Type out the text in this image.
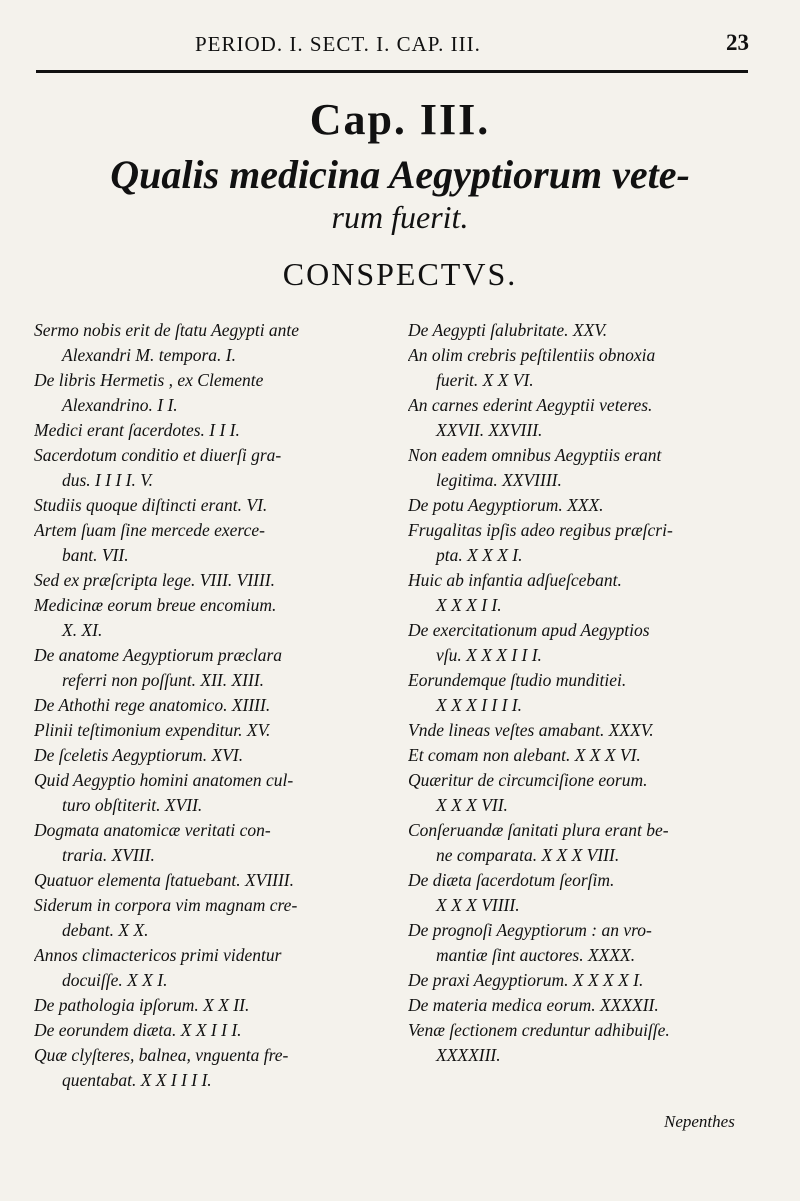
PERIOD. I. SECT. I. CAP. III.	23
Cap. III.
Qualis medicina Aegyptiorum vete-
rum fuerit.
CONSPECTVS.
Sermo nobis erit de ſtatu Aegypti ante
Alexandri M. tempora. I.
De libris Hermetis , ex Clemente
Alexandrino. I I.
Medici erant ſacerdotes. I I I.
Sacerdotum conditio et diuerſi gra-
dus. I I I I. V.
Studiis quoque diſtincti erant. VI.
Artem ſuam ſine mercede exerce-
bant. VII.
Sed ex præſcripta lege. VIII. VIIII.
Medicinæ eorum breue encomium.
X. XI.
De anatome Aegyptiorum præclara
referri non poſſunt. XII. XIII.
De Athothi rege anatomico. XIIII.
Plinii teſtimonium expenditur. XV.
De ſceletis Aegyptiorum. XVI.
Quid Aegyptio homini anatomen cul-
turo obſtiterit. XVII.
Dogmata anatomicæ veritati con-
traria. XVIII.
Quatuor elementa ſtatuebant. XVIIII.
Siderum in corpora vim magnam cre-
debant. X X.
Annos climactericos primi videntur
docuiſſe. X X I.
De pathologia ipſorum. X X II.
De eorundem diæta. X X I I I.
Quæ clyſteres, balnea, vnguenta fre-
quentabat. X X I I I I.
De Aegypti ſalubritate. XXV.
An olim crebris peſtilentiis obnoxia
fuerit. X X VI.
An carnes ederint Aegyptii veteres.
XXVII. XXVIII.
Non eadem omnibus Aegyptiis erant
legitima. XXVIIII.
De potu Aegyptiorum. XXX.
Frugalitas ipſis adeo regibus præſcri-
pta. X X X I.
Huic ab infantia adſueſcebant.
X X X I I.
De exercitationum apud Aegyptios
vſu. X X X I I I.
Eorundemque ſtudio munditiei.
X X X I I I I.
Vnde lineas veſtes amabant. XXXV.
Et comam non alebant. X X X VI.
Quæritur de circumciſione eorum.
X X X VII.
Conſeruandæ ſanitati plura erant be-
ne comparata. X X X VIII.
De diæta ſacerdotum ſeorſim.
X X X VIIII.
De prognoſi Aegyptiorum : an vro-
mantiæ ſint auctores. XXXX.
De praxi Aegyptiorum. X X X X I.
De materia medica eorum. XXXXII.
Venæ ſectionem creduntur adhibuiſſe.
XXXXIII.
Nepenthes
